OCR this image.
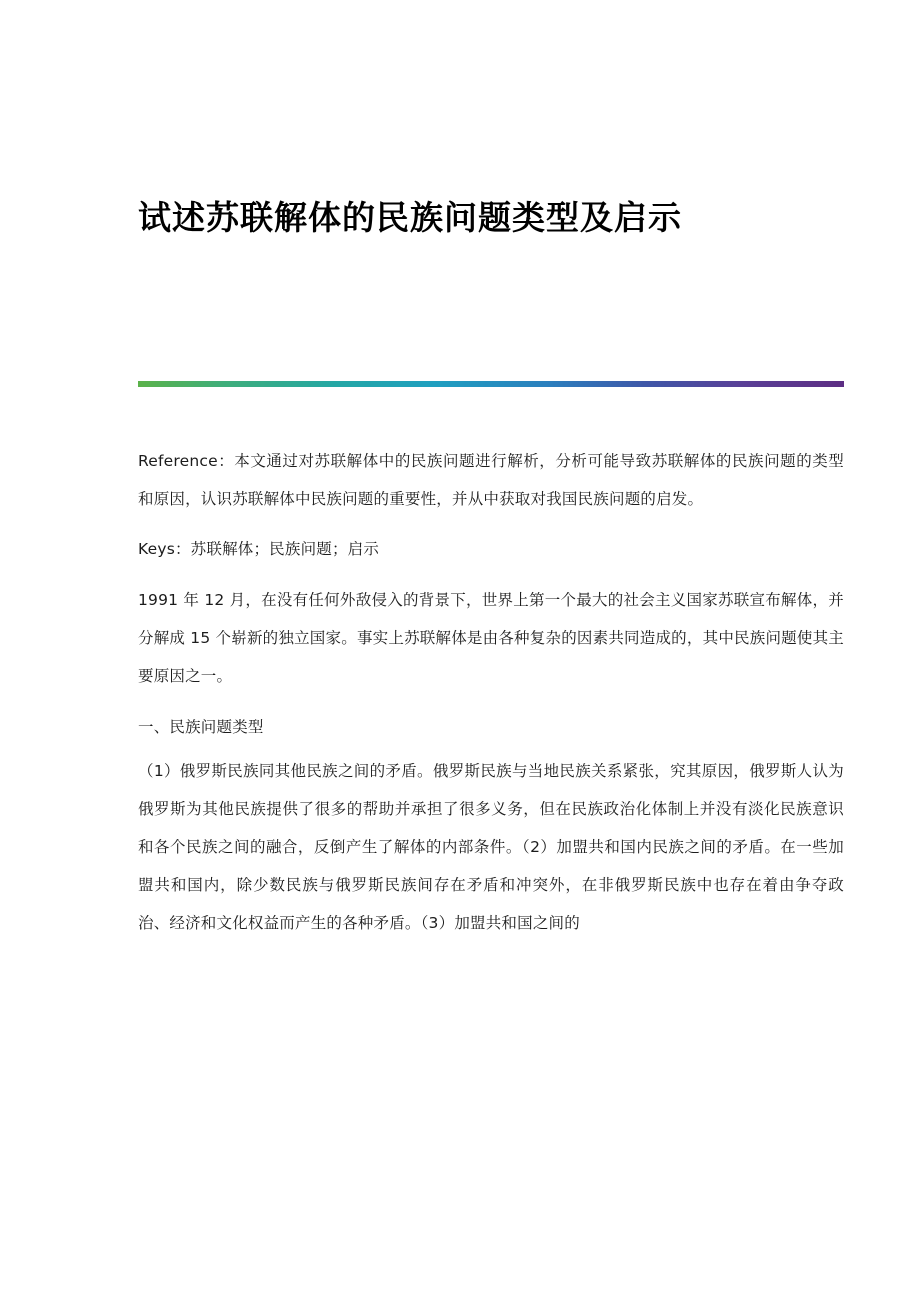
试述苏联解体的民族问题类型及启示

Reference：本文通过对苏联解体中的民族问题进行解析，分析可能导致苏联解体的民族问题的类型和原因，认识苏联解体中民族问题的重要性，并从中获取对我国民族问题的启发。

Keys：苏联解体；民族问题；启示

1991 年 12 月，在没有任何外敌侵入的背景下，世界上第一个最大的社会主义国家苏联宣布解体，并分解成 15 个崭新的独立国家。事实上苏联解体是由各种复杂的因素共同造成的，其中民族问题使其主要原因之一。

一、民族问题类型

（1）俄罗斯民族同其他民族之间的矛盾。俄罗斯民族与当地民族关系紧张，究其原因，俄罗斯人认为俄罗斯为其他民族提供了很多的帮助并承担了很多义务，但在民族政治化体制上并没有淡化民族意识和各个民族之间的融合，反倒产生了解体的内部条件。（2）加盟共和国内民族之间的矛盾。在一些加盟共和国内，除少数民族与俄罗斯民族间存在矛盾和冲突外，在非俄罗斯民族中也存在着由争夺政治、经济和文化权益而产生的各种矛盾。（3）加盟共和国之间的
